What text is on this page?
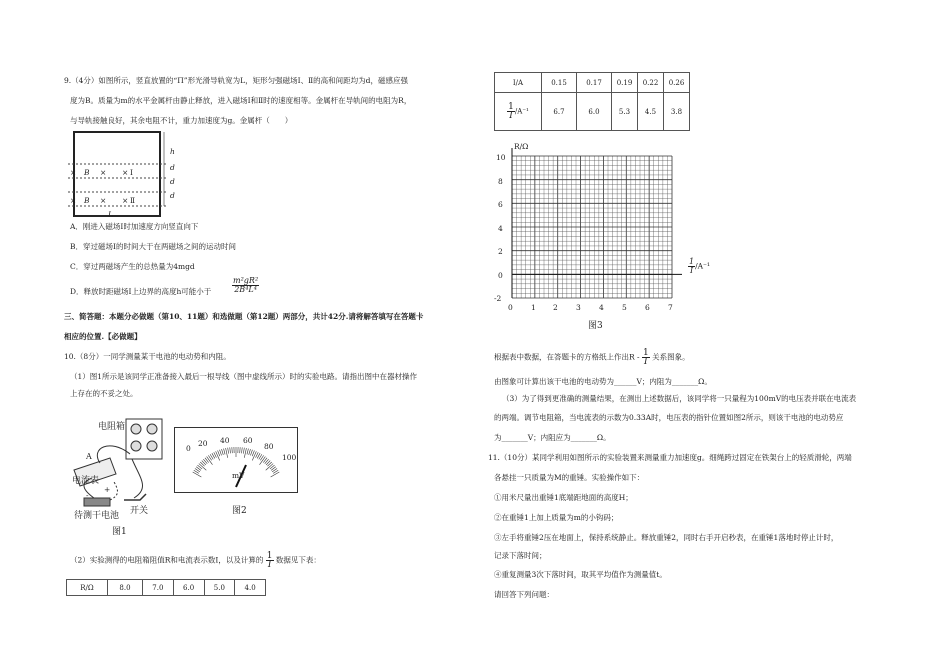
9.（4分）如图所示，竖直放置的“Π”形光滑导轨宽为L，矩形匀强磁场Ⅰ、Ⅱ的高和间距均为d，磁感应强
度为B。质量为m的水平金属杆由静止释放，进入磁场Ⅰ和Ⅱ时的速度相等。金属杆在导轨间的电阻为R，
与导轨接触良好，其余电阻不计，重力加速度为g。金属杆（　　）
h
d
d
d
× B × × Ⅰ
× B × × Ⅱ
L
A．刚进入磁场Ⅰ时加速度方向竖直向下
B．穿过磁场Ⅰ的时间大于在两磁场之间的运动时间
C．穿过两磁场产生的总热量为4mgd
D．释放时距磁场Ⅰ上边界的高度h可能小于	$\frac{\text{m²gR²}}{\text{2B⁴L⁴}}$
三、简答题：本题分必做题（第10、11题）和选做题（第12题）两部分，共计42分.请将解答填写在答题卡
相应的位置.【必做题】
10.（8分）一同学测量某干电池的电动势和内阻。
（1）图1所示是该同学正准备接入最后一根导线（图中虚线所示）时的实验电路。请指出图中在器材操作
上存在的不妥之处。
电阻箱
A
电流表
+
-
待测干电池 开关
图1
0
20 40 60
80
100
mV
图2
（2）实验测得的电阻箱阻值R和电流表示数I，以及计算的 $\frac{1}{I}$ 数据见下表：
R/Ω	8.0	7.0	6.0	5.0	4.0
I/A	0.15	0.17	0.19	0.22	0.26

$\frac{1}{I} /A^{-1}$	6.7	6.0	5.3	4.5	3.8
R/Ω
10
8
6
4
2
0
-2
0 1 2 3 4 5 6 7
$\frac{1}{I} /A^{-1}$
图3
根据表中数据，在答题卡的方格纸上作出R - $\frac{1}{I}$ 关系图象。
由图象可计算出该干电池的电动势为______V；内阻为_______Ω。
（3）为了得到更准确的测量结果，在测出上述数据后，该同学将一只量程为100mV的电压表并联在电流表
的两端。调节电阻箱，当电流表的示数为0.33A时，电压表的指针位置如图2所示，则该干电池的电动势应
为_______V；内阻应为_______Ω。
11.（10分）某同学利用如图所示的实验装置来测量重力加速度g。细绳跨过固定在铁架台上的轻质滑轮，两端
各悬挂一只质量为M的重锤。实验操作如下：
①用米尺量出重锤1底端距地面的高度H；
②在重锤1上加上质量为m的小钩码；
③左手将重锤2压在地面上，保持系统静止。释放重锤2，同时右手开启秒表，在重锤1落地时停止计时，
记录下落时间；
④重复测量3次下落时间，取其平均值作为测量值t。
请回答下列问题：
